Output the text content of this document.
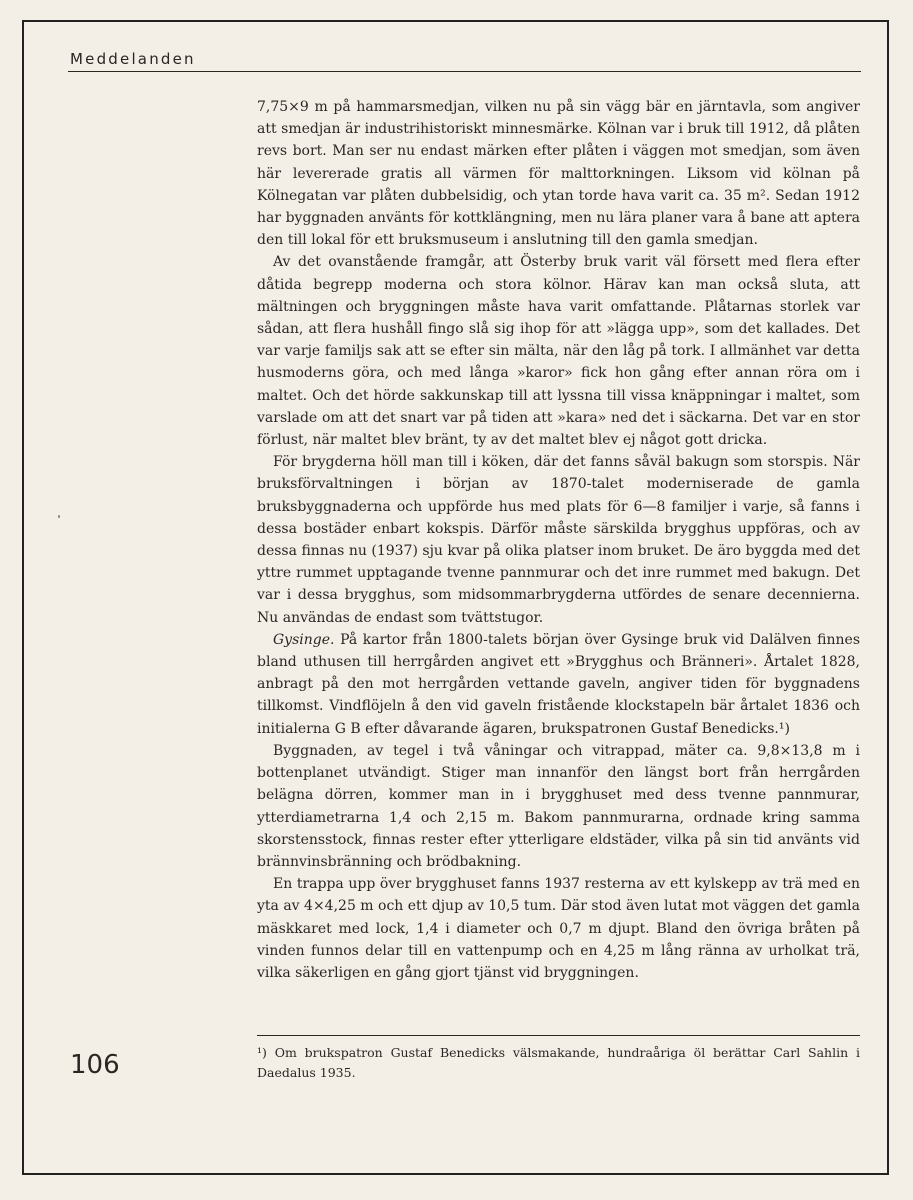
Meddelanden

7,75×9 m på hammarsmedjan, vilken nu på sin vägg bär en järntavla, som angiver att smedjan är industrihistoriskt minnesmärke. Kölnan var i bruk till 1912, då plåten revs bort. Man ser nu endast märken efter plåten i väggen mot smedjan, som även här levererade gratis all värmen för malttorkningen. Liksom vid kölnan på Kölnegatan var plåten dubbelsidig, och ytan torde hava varit ca. 35 m². Sedan 1912 har byggnaden använts för kottklängning, men nu lära planer vara å bane att aptera den till lokal för ett bruksmuseum i anslutning till den gamla smedjan.

Av det ovanstående framgår, att Österby bruk varit väl försett med flera efter dåtida begrepp moderna och stora kölnor. Härav kan man också sluta, att mältningen och bryggningen måste hava varit omfattande. Plåtarnas storlek var sådan, att flera hushåll fingo slå sig ihop för att »lägga upp», som det kallades. Det var varje familjs sak att se efter sin mälta, när den låg på tork. I allmänhet var detta husmoderns göra, och med långa »karor» fick hon gång efter annan röra om i maltet. Och det hörde sakkunskap till att lyssna till vissa knäppningar i maltet, som varslade om att det snart var på tiden att »kara» ned det i säckarna. Det var en stor förlust, när maltet blev bränt, ty av det maltet blev ej något gott dricka.

För brygderna höll man till i köken, där det fanns såväl bakugn som storspis. När bruksförvaltningen i början av 1870-talet moderniserade de gamla bruksbyggnaderna och uppförde hus med plats för 6—8 familjer i varje, så fanns i dessa bostäder enbart kokspis. Därför måste särskilda brygghus uppföras, och av dessa finnas nu (1937) sju kvar på olika platser inom bruket. De äro byggda med det yttre rummet upptagande tvenne pannmurar och det inre rummet med bakugn. Det var i dessa brygghus, som midsommarbrygderna utfördes de senare decennierna. Nu användas de endast som tvättstugor.

Gysinge. På kartor från 1800-talets början över Gysinge bruk vid Dalälven finnes bland uthusen till herrgården angivet ett »Brygghus och Bränneri». Årtalet 1828, anbragt på den mot herrgården vettande gaveln, angiver tiden för byggnadens tillkomst. Vindflöjeln å den vid gaveln fristående klockstapeln bär årtalet 1836 och initialerna G B efter dåvarande ägaren, brukspatronen Gustaf Benedicks.¹)

Byggnaden, av tegel i två våningar och vitrappad, mäter ca. 9,8×13,8 m i bottenplanet utvändigt. Stiger man innanför den längst bort från herrgården belägna dörren, kommer man in i brygghuset med dess tvenne pannmurar, ytterdiametrarna 1,4 och 2,15 m. Bakom pannmurarna, ordnade kring samma skorstensstock, finnas rester efter ytterligare eldstäder, vilka på sin tid använts vid brännvinsbränning och brödbakning.

En trappa upp över brygghuset fanns 1937 resterna av ett kylskepp av trä med en yta av 4×4,25 m och ett djup av 10,5 tum. Där stod även lutat mot väggen det gamla mäskkaret med lock, 1,4 i diameter och 0,7 m djupt. Bland den övriga bråten på vinden funnos delar till en vattenpump och en 4,25 m lång ränna av urholkat trä, vilka säkerligen en gång gjort tjänst vid bryggningen.

¹) Om brukspatron Gustaf Benedicks välsmakande, hundraåriga öl berättar Carl Sahlin i Daedalus 1935.
106
